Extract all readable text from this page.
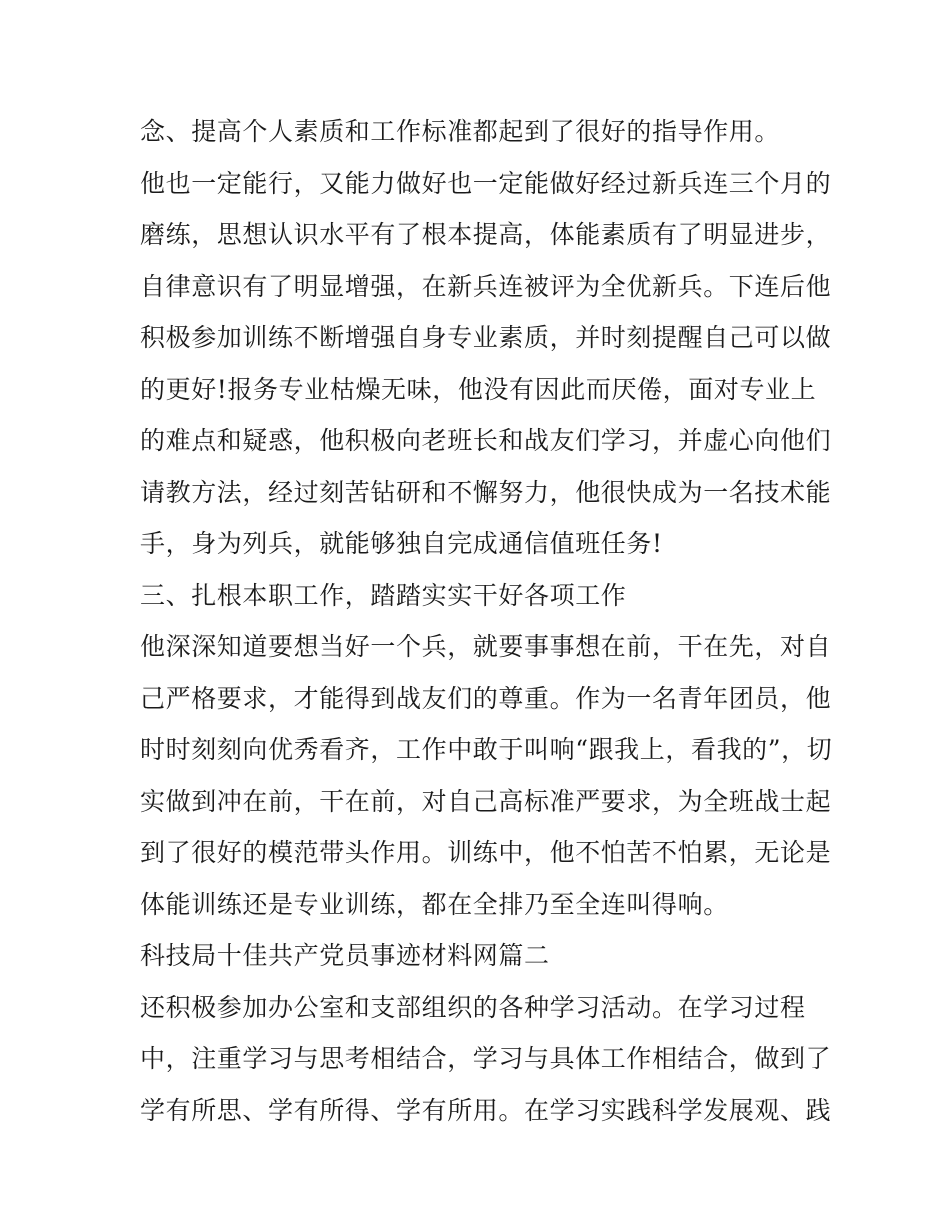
念、提高个人素质和工作标准都起到了很好的指导作用。
他也一定能行，又能力做好也一定能做好经过新兵连三个月的
磨练，思想认识水平有了根本提高，体能素质有了明显进步，
自律意识有了明显增强，在新兵连被评为全优新兵。下连后他
积极参加训练不断增强自身专业素质，并时刻提醒自己可以做
的更好!报务专业枯燥无味，他没有因此而厌倦，面对专业上
的难点和疑惑，他积极向老班长和战友们学习，并虚心向他们
请教方法，经过刻苦钻研和不懈努力，他很快成为一名技术能
手，身为列兵，就能够独自完成通信值班任务!
三、扎根本职工作，踏踏实实干好各项工作
他深深知道要想当好一个兵，就要事事想在前，干在先，对自
己严格要求，才能得到战友们的尊重。作为一名青年团员，他
时时刻刻向优秀看齐，工作中敢于叫响“跟我上，看我的”，切
实做到冲在前，干在前，对自己高标准严要求，为全班战士起
到了很好的模范带头作用。训练中，他不怕苦不怕累，无论是
体能训练还是专业训练，都在全排乃至全连叫得响。
科技局十佳共产党员事迹材料网篇二
还积极参加办公室和支部组织的各种学习活动。在学习过程
中，注重学习与思考相结合，学习与具体工作相结合，做到了
学有所思、学有所得、学有所用。在学习实践科学发展观、践
